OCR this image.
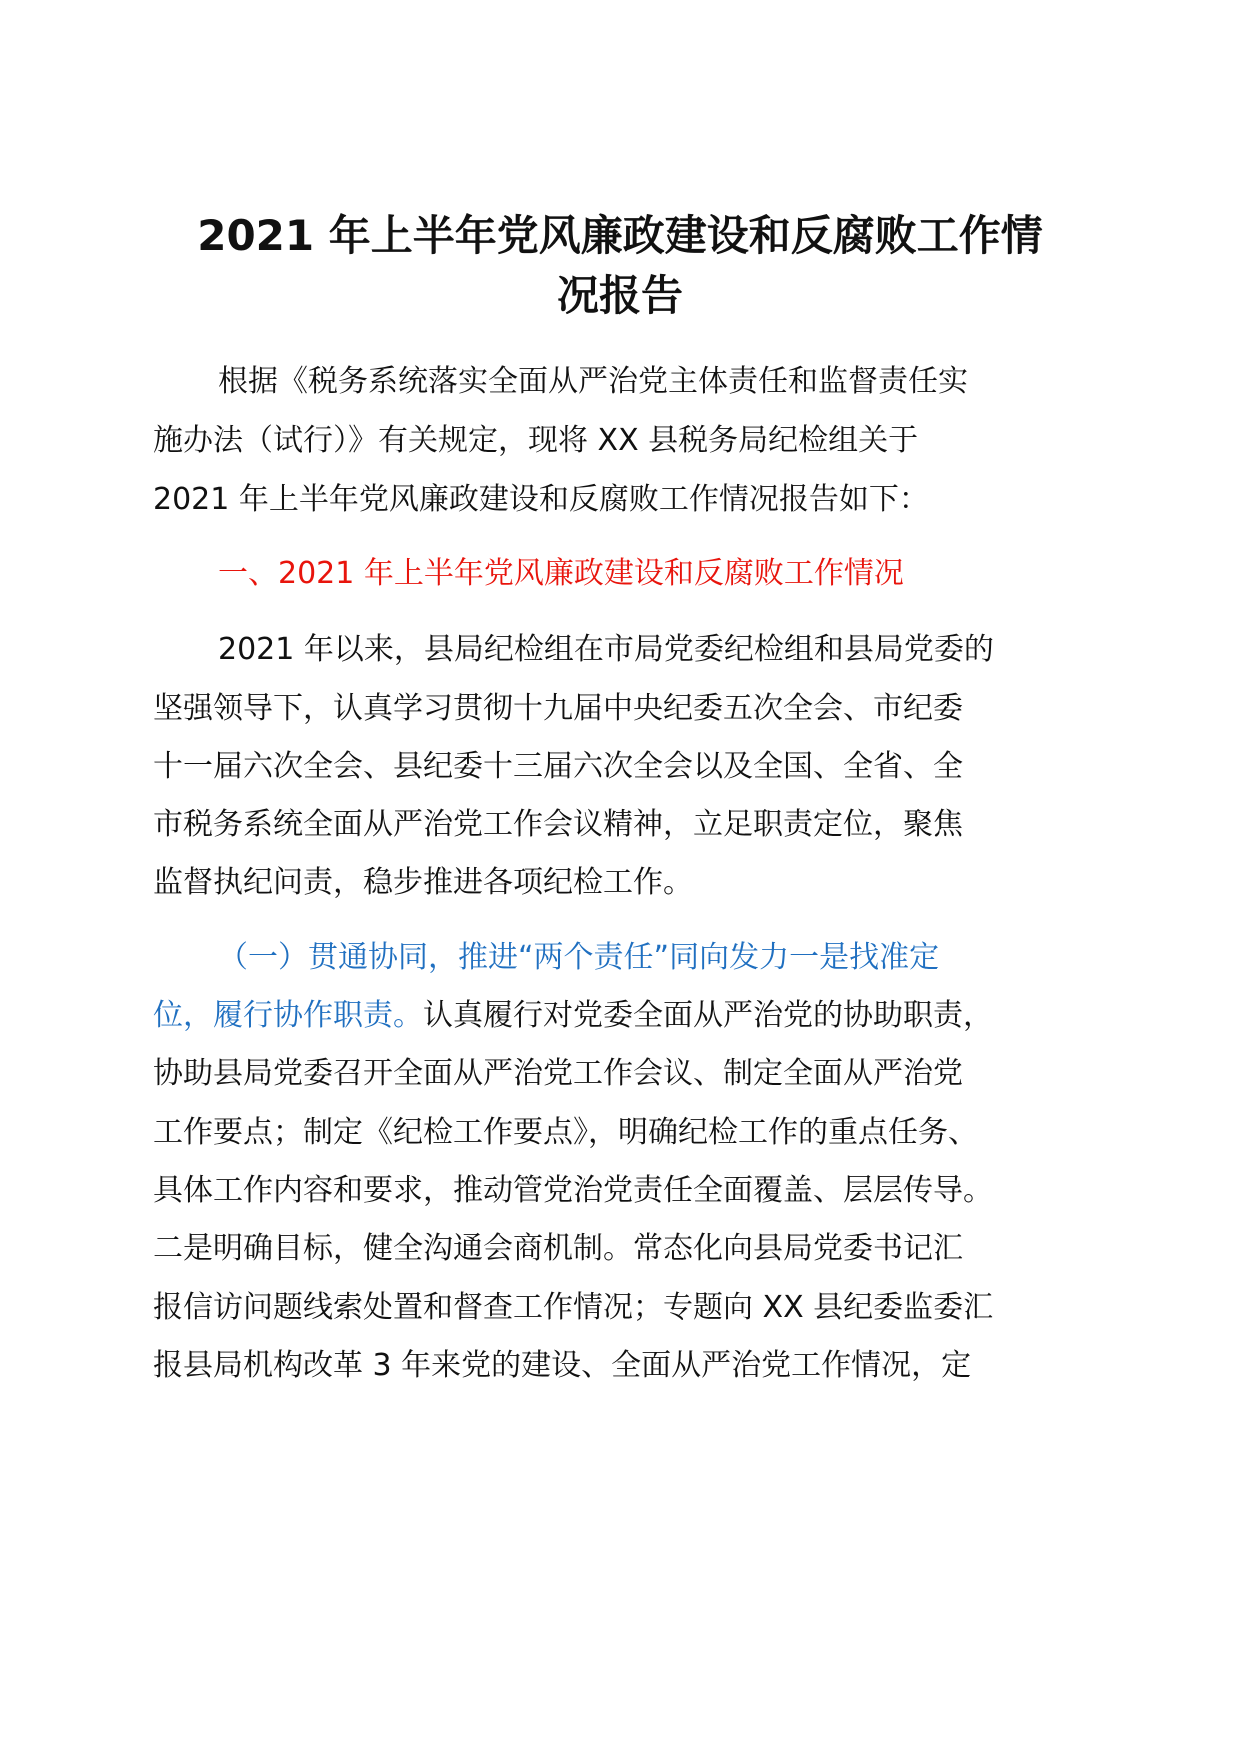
2021 年上半年党风廉政建设和反腐败工作情
况报告
根据《税务系统落实全面从严治党主体责任和监督责任实
施办法（试行）》有关规定，现将 XX 县税务局纪检组关于
2021 年上半年党风廉政建设和反腐败工作情况报告如下：
一、2021 年上半年党风廉政建设和反腐败工作情况
2021 年以来，县局纪检组在市局党委纪检组和县局党委的
坚强领导下，认真学习贯彻十九届中央纪委五次全会、市纪委
十一届六次全会、县纪委十三届六次全会以及全国、全省、全
市税务系统全面从严治党工作会议精神，立足职责定位，聚焦
监督执纪问责，稳步推进各项纪检工作。
（一）贯通协同，推进“两个责任”同向发力一是找准定
位，履行协作职责。认真履行对党委全面从严治党的协助职责，
协助县局党委召开全面从严治党工作会议、制定全面从严治党
工作要点；制定《纪检工作要点》，明确纪检工作的重点任务、
具体工作内容和要求，推动管党治党责任全面覆盖、层层传导。
二是明确目标，健全沟通会商机制。常态化向县局党委书记汇
报信访问题线索处置和督查工作情况；专题向 XX 县纪委监委汇
报县局机构改革 3 年来党的建设、全面从严治党工作情况，定
